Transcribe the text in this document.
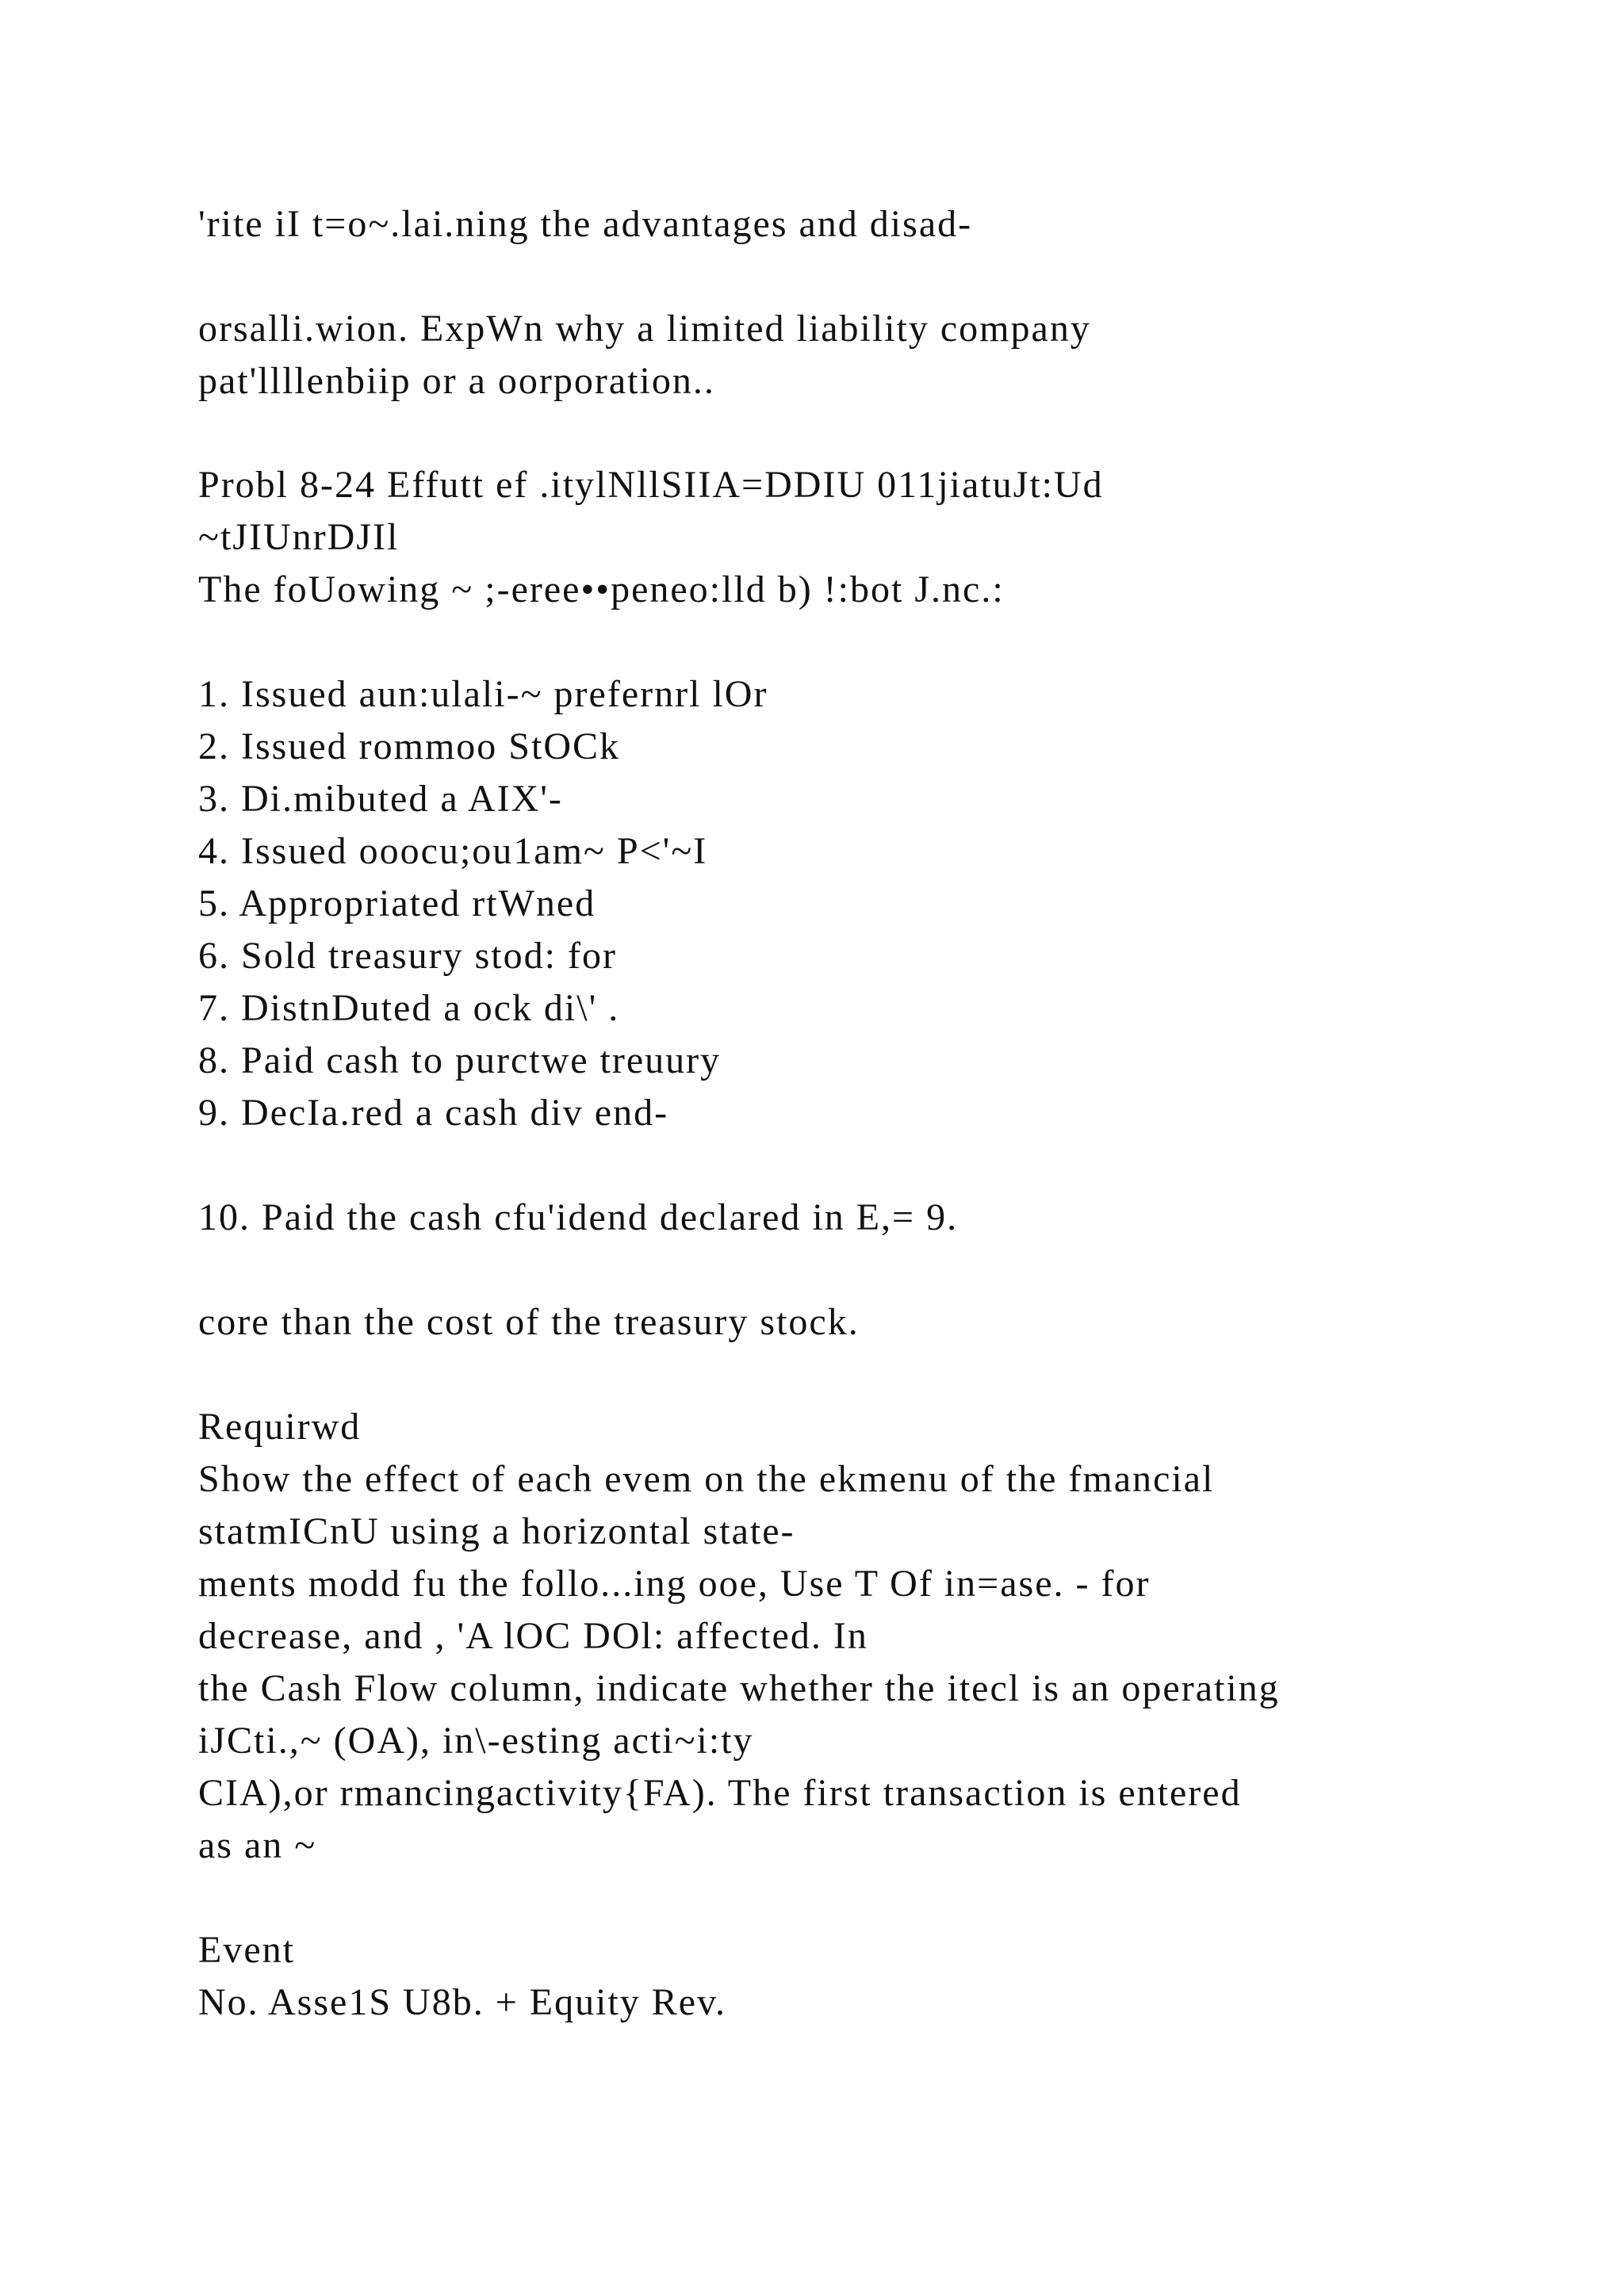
'rite iI t=o~.lai.ning the advantages and disad-
orsalli.wion. ExpWn why a limited liability company
pat'llllenbiip or a oorporation..
Probl 8-24 Effutt ef .itylNllSIIA=DDIU 011jiatuJt:Ud
~tJIUnrDJIl
The foUowing ~ ;-eree••peneo:lld b) !:bot J.nc.:
1. Issued aun:ulali-~ prefernrl lOr
2. Issued rommoo StOCk
3. Di.mibuted a AIX'-
4. Issued ooocu;ou1am~ P<'~I
5. Appropriated rtWned
6. Sold treasury stod: for
7. DistnDuted a ock di\' .
8. Paid cash to purctwe treuury
9. DecIa.red a cash div end-
10. Paid the cash cfu'idend declared in E,= 9.
core than the cost of the treasury stock.
Requirwd
Show the effect of each evem on the ekmenu of the fmancial
statmICnU using a horizontal state-
ments modd fu the follo...ing ooe, Use T Of in=ase. - for
decrease, and , 'A lOC DOl: affected. In
the Cash Flow column, indicate whether the itecl is an operating
iJCti.,~ (OA), in\-esting acti~i:ty
CIA),or rmancingactivity{FA). The first transaction is entered
as an ~
Event
No. Asse1S U8b. + Equity Rev.
